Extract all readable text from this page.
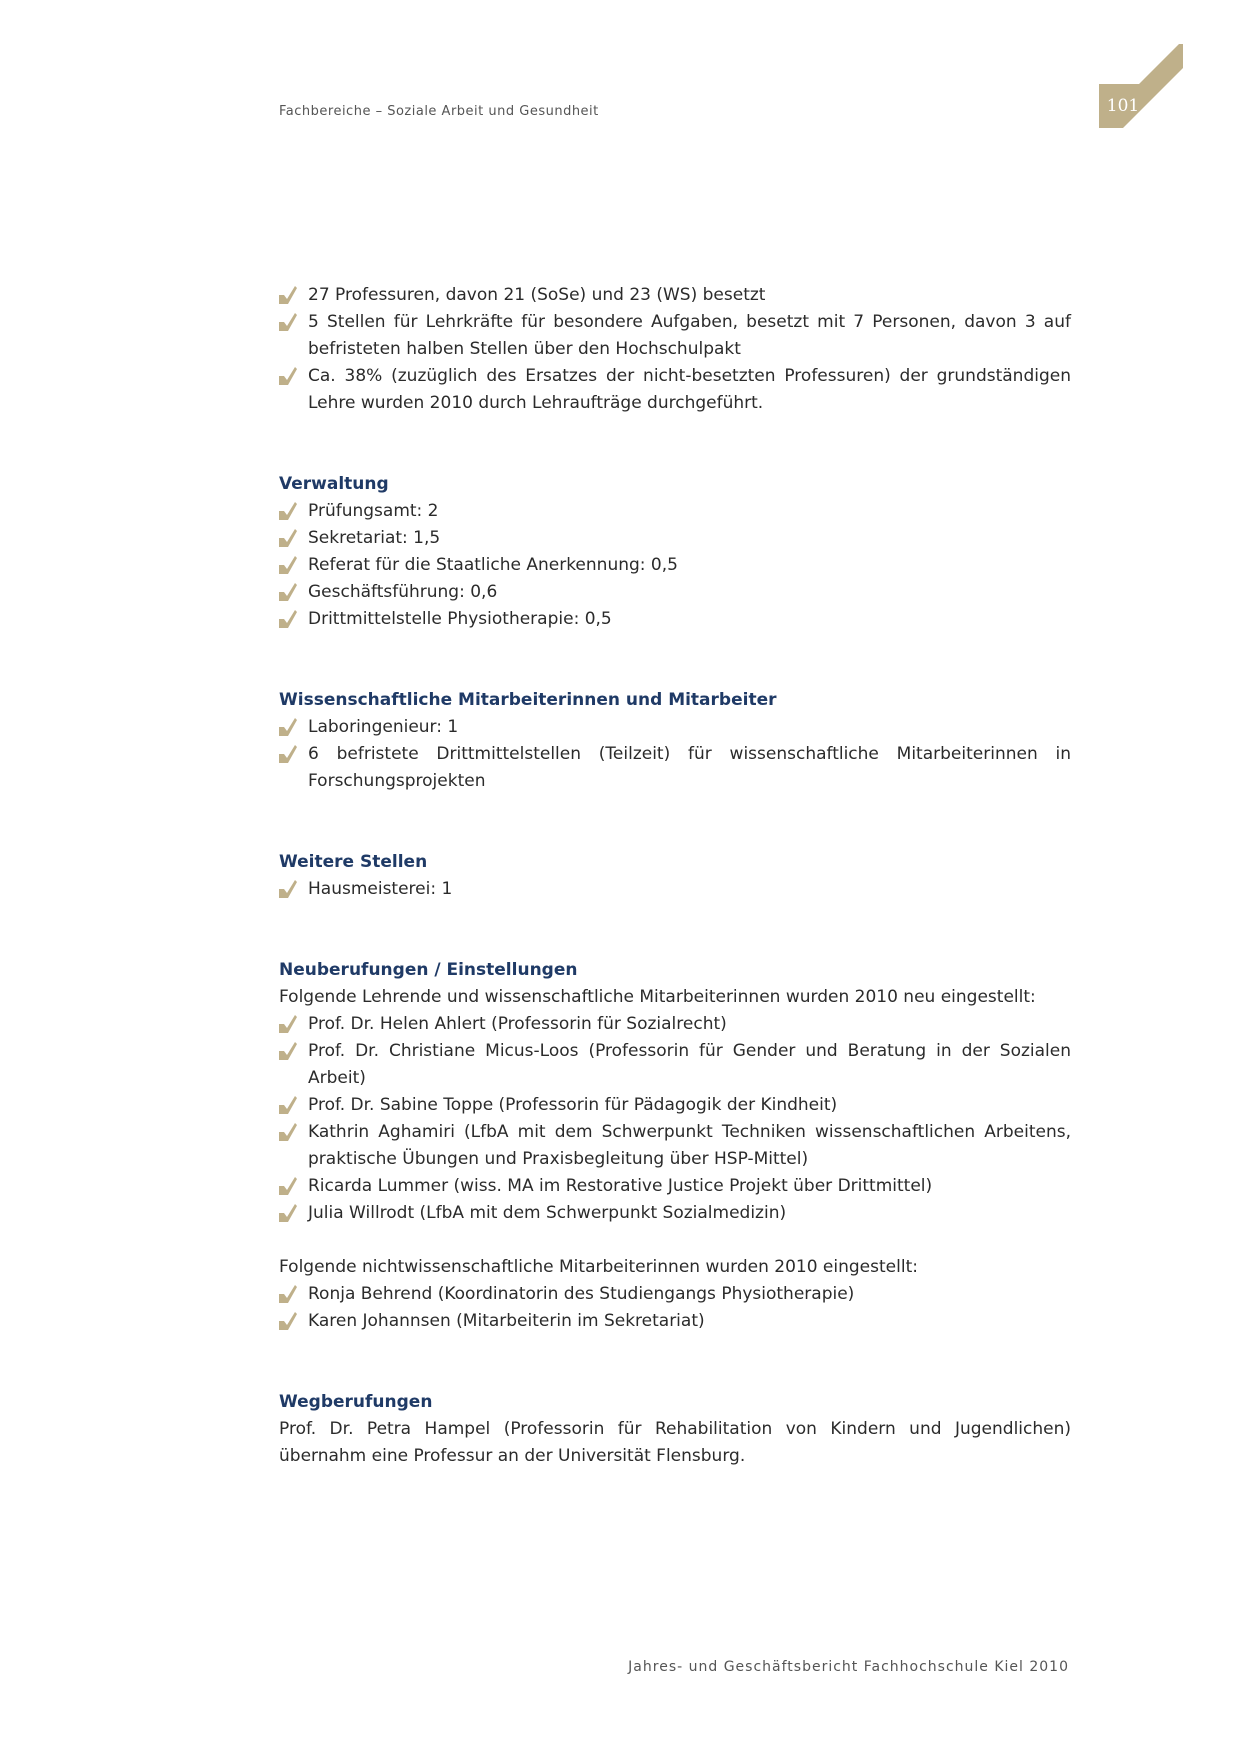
Fachbereiche – Soziale Arbeit und Gesundheit	101
27 Professuren, davon 21 (SoSe) und 23 (WS) besetzt
5 Stellen für Lehrkräfte für besondere Aufgaben, besetzt mit 7 Personen, davon 3 auf befristeten halben Stellen über den Hochschulpakt
Ca. 38% (zuzüglich des Ersatzes der nicht-besetzten Professuren) der grundständigen Lehre wurden 2010 durch Lehraufträge durchgeführt.
Verwaltung
Prüfungsamt: 2
Sekretariat: 1,5
Referat für die Staatliche Anerkennung: 0,5
Geschäftsführung: 0,6
Drittmittelstelle Physiotherapie: 0,5
Wissenschaftliche Mitarbeiterinnen und Mitarbeiter
Laboringenieur: 1
6 befristete Drittmittelstellen (Teilzeit) für wissenschaftliche Mitarbeiterinnen in Forschungsprojekten
Weitere Stellen
Hausmeisterei: 1
Neuberufungen / Einstellungen
Folgende Lehrende und wissenschaftliche Mitarbeiterinnen wurden 2010 neu eingestellt:
Prof. Dr. Helen Ahlert (Professorin für Sozialrecht)
Prof. Dr. Christiane Micus-Loos (Professorin für Gender und Beratung in der Sozialen Arbeit)
Prof. Dr. Sabine Toppe (Professorin für Pädagogik der Kindheit)
Kathrin Aghamiri (LfbA mit dem Schwerpunkt Techniken wissenschaftlichen Arbeitens, praktische Übungen und Praxisbegleitung über HSP-Mittel)
Ricarda Lummer (wiss. MA im Restorative Justice Projekt über Drittmittel)
Julia Willrodt (LfbA mit dem Schwerpunkt Sozialmedizin)
Folgende nichtwissenschaftliche Mitarbeiterinnen wurden 2010 eingestellt:
Ronja Behrend (Koordinatorin des Studiengangs Physiotherapie)
Karen Johannsen (Mitarbeiterin im Sekretariat)
Wegberufungen
Prof. Dr. Petra Hampel (Professorin für Rehabilitation von Kindern und Jugendlichen) übernahm eine Professur an der Universität Flensburg.
Jahres- und Geschäftsbericht Fachhochschule Kiel 2010
